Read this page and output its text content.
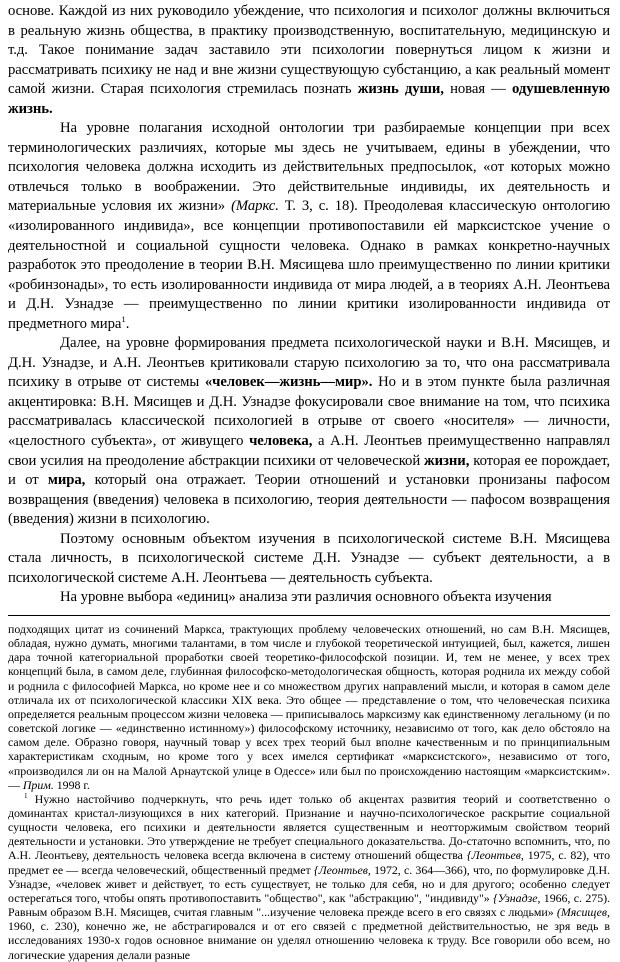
основе. Каждой из них руководило убеждение, что психология и психолог должны включиться в реальную жизнь общества, в практику производственную, воспитательную, медицинскую и т.д. Такое понимание задач заставило эти психологии повернуться лицом к жизни и рассматривать психику не над и вне жизни существующую субстанцию, а как реальный момент самой жизни. Старая психология стремилась познать жизнь души, новая — одушевленную жизнь.

На уровне полагания исходной онтологии три разбираемые концепции при всех терминологических различиях, которые мы здесь не учитываем, едины в убеждении, что психология человека должна исходить из действительных предпосылок, «от которых можно отвлечься только в воображении. Это действительные индивиды, их деятельность и материальные условия их жизни» (Маркс. Т. 3, с. 18). Преодолевая классическую онтологию «изолированного индивида», все концепции противопоставили ей марксистское учение о деятельностной и социальной сущности человека. Однако в рамках конкретно-научных разработок это преодоление в теории В.Н. Мясищева шло преимущественно по линии критики «робинзонады», то есть изолированности индивида от мира людей, а в теориях А.Н. Леонтьева и Д.Н. Узнадзе — преимущественно по линии критики изолированности индивида от предметного мира$^1$.

Далее, на уровне формирования предмета психологической науки и В.Н. Мясищев, и Д.Н. Узнадзе, и А.Н. Леонтьев критиковали старую психологию за то, что она рассматривала психику в отрыве от системы «человек—жизнь—мир». Но и в этом пункте была различная акцентировка: В.Н. Мясищев и Д.Н. Узнадзе фокусировали свое внимание на том, что психика рассматривалась классической психологией в отрыве от своего «носителя» — личности, «целостного субъекта», от живущего человека, а А.Н. Леонтьев преимущественно направлял свои усилия на преодоление абстракции психики от человеческой жизни, которая ее порождает, и от мира, который она отражает. Теории отношений и установки пронизаны пафосом возвращения (введения) человека в психологию, теория деятельности — пафосом возвращения (введения) жизни в психологию.

Поэтому основным объектом изучения в психологической системе В.Н. Мясищева стала личность, в психологической системе Д.Н. Узнадзе — субъект деятельности, а в психологической системе А.Н. Леонтьева — деятельность субъекта.

На уровне выбора «единиц» анализа эти различия основного объекта изучения

подходящих цитат из сочинений Маркса, трактующих проблему человеческих отношений, но сам В.Н. Мясищев, обладая, нужно думать, многими талантами, в том числе и глубокой теоретической интуицией, был, кажется, лишен дара точной категориальной проработки своей теоретико-философской позиции. И, тем не менее, у всех трех концепций была, в самом деле, глубинная философско-методологическая общность, которая роднила их между собой и роднила с философией Маркса, но кроме нее и со множеством других направлений мысли, и которая в самом деле отличала их от психологической классики XIX века. Это общее — представление о том, что человеческая психика определяется реальным процессом жизни человека — приписывалось марксизму как единственному легальному (и по советской логике — «единственно истинному») философскому источнику, независимо от того, как дело обстояло на самом деле. Образно говоря, научный товар у всех трех теорий был вполне качественным и по принципиальным характеристикам сходным, но кроме того у всех имелся сертификат «марксистского», независимо от того, «производился ли он на Малой Арнаутской улице в Одессе» или был по происхождению настоящим «марксистским». — Прим. 1998 г.

$^1$ Нужно настойчиво подчеркнуть, что речь идет только об акцентах развития теорий и соответственно о доминантах кристал-лизующихся в них категорий. Признание и научно-психологическое раскрытие социальной сущности человека, его психики и деятельности является существенным и неотторжимым свойством теорий деятельности и установки. Это утверждение не требует специального доказательства. До-статочно вспомнить, что, по А.Н. Леонтьеву, деятельность человека всегда включена в систему отношений общества {Леонтьев, 1975, с. 82), что предмет ее — всегда человеческий, общественный предмет {Леонтьев, 1972, с. 364—366), что, по формулировке Д.Н. Узнадзе, «человек живет и действует, то есть существует, не только для себя, но и для другого; особенно следует остерегаться того, чтобы опять противопоставить "общество", как "абстракцию", "индивиду"» {Узнадзе, 1966, с. 275). Равным образом В.Н. Мясищев, считая главным "...изучение человека прежде всего в его связях с людьми» (Мясищев, 1960, с. 230), конечно же, не абстрагировался и от его связей с предметной действительностью, не зря ведь в исследованиях 1930-х годов основное внимание он уделял отношению человека к труду. Все говорили обо всем, но логические ударения делали разные
